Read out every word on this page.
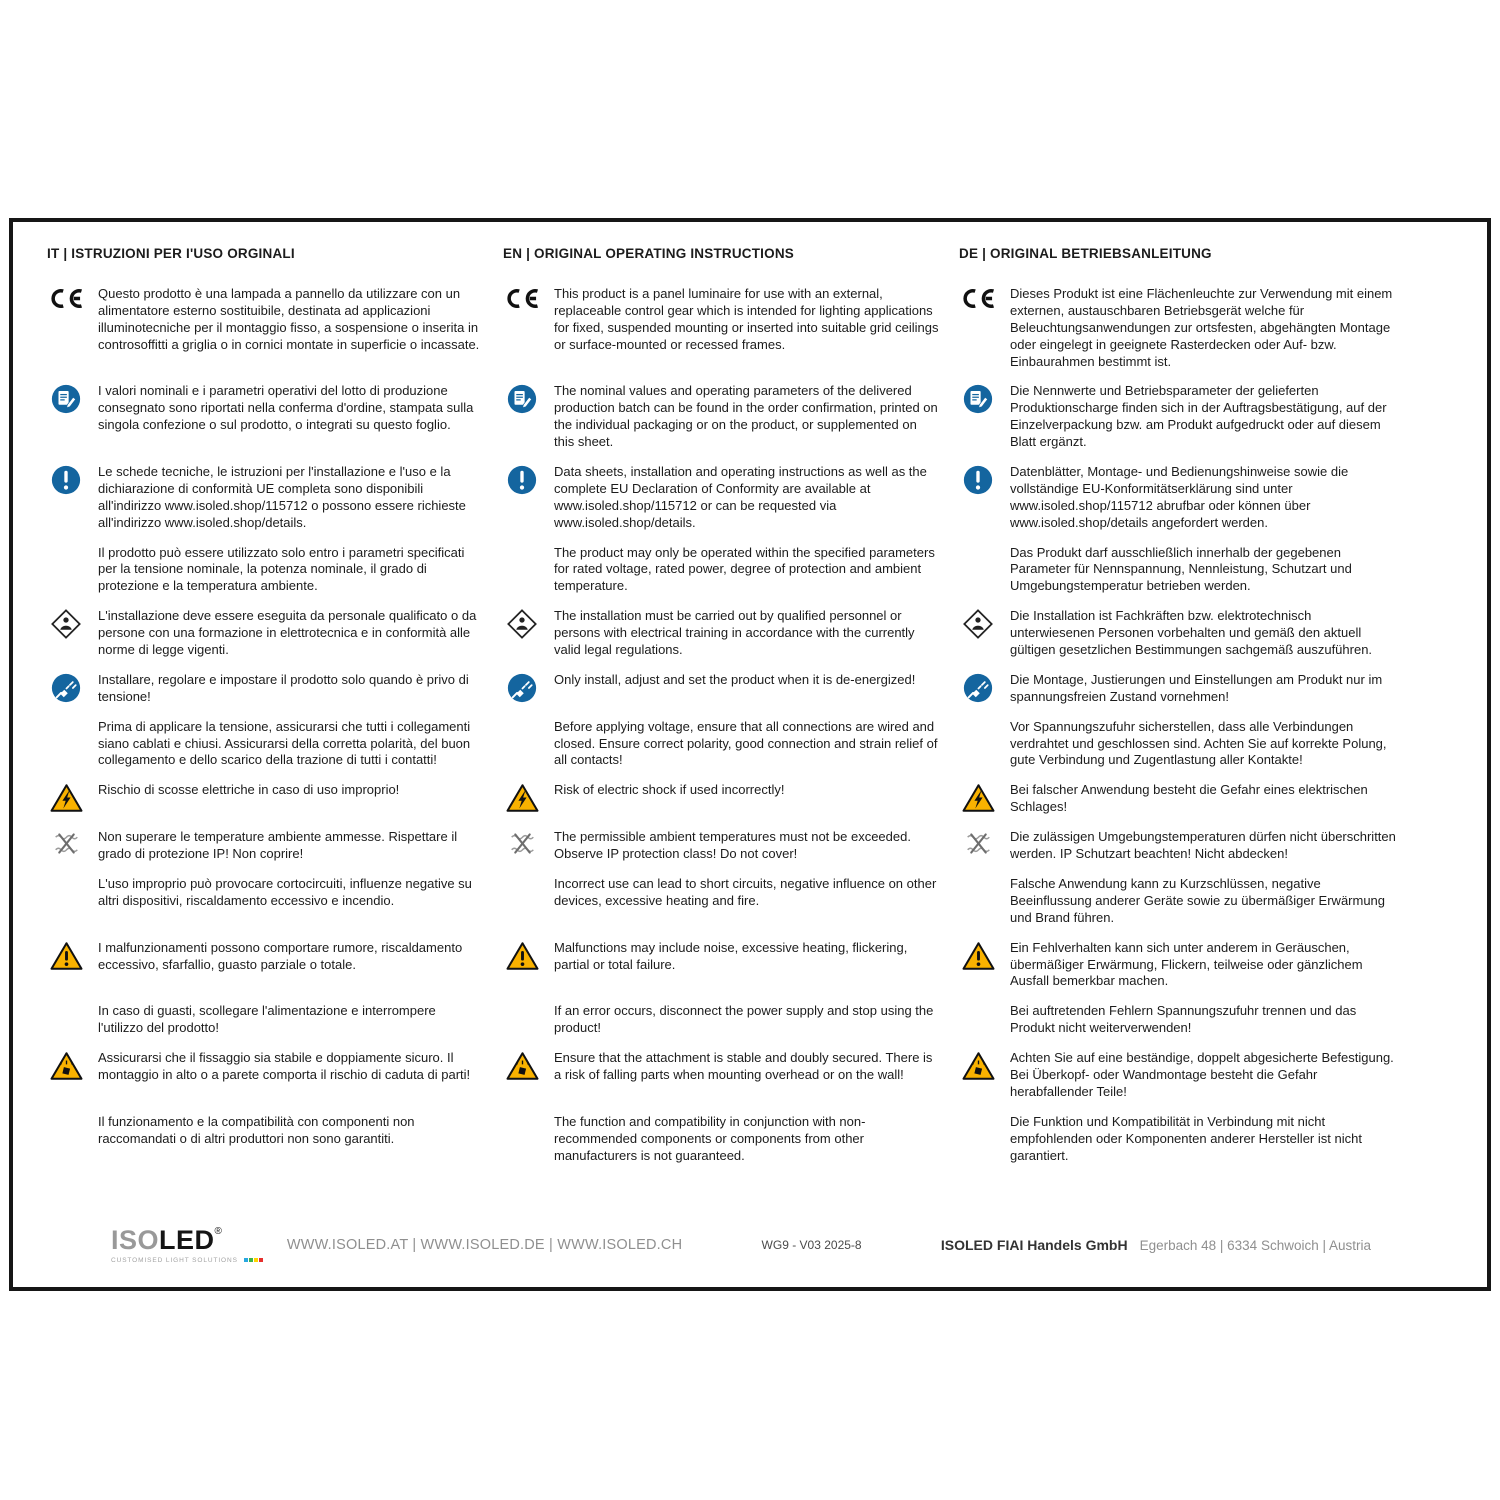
IT | ISTRUZIONI PER I'USO ORGINALI	EN | ORIGINAL OPERATING INSTRUCTIONS	DE | ORIGINAL BETRIEBSANLEITUNG
Questo prodotto è una lampada a pannello da utilizzare con un alimentatore esterno sostituibile, destinata ad applicazioni illuminotecniche per il montaggio fisso, a sospensione o inserita in controsoffitti a griglia o in cornici montate in superficie o incassate.
This product is a panel luminaire for use with an external, replaceable control gear which is intended for lighting applications for fixed, suspended mounting or inserted into suitable grid ceilings or surface-mounted or recessed frames.
Dieses Produkt ist eine Flächenleuchte zur Verwendung mit einem externen, austauschbaren Betriebsgerät welche für Beleuchtungsanwendungen zur ortsfesten, abgehängten Montage oder eingelegt in geeignete Rasterdecken oder Auf- bzw. Einbaurahmen bestimmt ist.
I valori nominali e i parametri operativi del lotto di produzione consegnato sono riportati nella conferma d'ordine, stampata sulla singola confezione o sul prodotto, o integrati su questo foglio.
The nominal values and operating parameters of the delivered production batch can be found in the order confirmation, printed on the individual packaging or on the product, or supplemented on this sheet.
Die Nennwerte und Betriebsparameter der gelieferten Produktionscharge finden sich in der Auftragsbestätigung, auf der Einzelverpackung bzw. am Produkt aufgedruckt oder auf diesem Blatt ergänzt.
Le schede tecniche, le istruzioni per l'installazione e l'uso e la dichiarazione di conformità UE completa sono disponibili all'indirizzo www.isoled.shop/115712 o possono essere richieste all'indirizzo www.isoled.shop/details.
Data sheets, installation and operating instructions as well as the complete EU Declaration of Conformity are available at www.isoled.shop/115712 or can be requested via www.isoled.shop/details.
Datenblätter, Montage- und Bedienungshinweise sowie die vollständige EU-Konformitätserklärung sind unter www.isoled.shop/115712 abrufbar oder können über www.isoled.shop/details angefordert werden.
Il prodotto può essere utilizzato solo entro i parametri specificati per la tensione nominale, la potenza nominale, il grado di protezione e la temperatura ambiente.
The product may only be operated within the specified parameters for rated voltage, rated power, degree of protection and ambient temperature.
Das Produkt darf ausschließlich innerhalb der gegebenen Parameter für Nennspannung, Nennleistung, Schutzart und Umgebungstemperatur betrieben werden.
L'installazione deve essere eseguita da personale qualificato o da persone con una formazione in elettrotecnica e in conformità alle norme di legge vigenti.
The installation must be carried out by qualified personnel or persons with electrical training in accordance with the currently valid legal regulations.
Die Installation ist Fachkräften bzw. elektrotechnisch unterwiesenen Personen vorbehalten und gemäß den aktuell gültigen gesetzlichen Bestimmungen sachgemäß auszuführen.
Installare, regolare e impostare il prodotto solo quando è privo di tensione!
Only install, adjust and set the product when it is de-energized!	Die Montage, Justierungen und Einstellungen am Produkt nur im spannungsfreien Zustand vornehmen!
Prima di applicare la tensione, assicurarsi che tutti i collegamenti siano cablati e chiusi. Assicurarsi della corretta polarità, del buon collegamento e dello scarico della trazione di tutti i contatti!
Before applying voltage, ensure that all connections are wired and closed. Ensure correct polarity, good connection and strain relief of all contacts!
Vor Spannungszufuhr sicherstellen, dass alle Verbindungen verdrahtet und geschlossen sind. Achten Sie auf korrekte Polung, gute Verbindung und Zugentlastung aller Kontakte!
Rischio di scosse elettriche in caso di uso improprio!	Risk of electric shock if used incorrectly!	Bei falscher Anwendung besteht die Gefahr eines elektrischen Schlages!
Non superare le temperature ambiente ammesse. Rispettare il grado di protezione IP! Non coprire!
The permissible ambient temperatures must not be exceeded. Observe IP protection class! Do not cover!
Die zulässigen Umgebungstemperaturen dürfen nicht überschritten werden. IP Schutzart beachten! Nicht abdecken!
L'uso improprio può provocare cortocircuiti, influenze negative su altri dispositivi, riscaldamento eccessivo e incendio.
Incorrect use can lead to short circuits, negative influence on other devices, excessive heating and fire.
Falsche Anwendung kann zu Kurzschlüssen, negative Beeinflussung anderer Geräte sowie zu übermäßiger Erwärmung und Brand führen.
I malfunzionamenti possono comportare rumore, riscaldamento eccessivo, sfarfallio, guasto parziale o totale.
Malfunctions may include noise, excessive heating, flickering, partial or total failure.
Ein Fehlverhalten kann sich unter anderem in Geräuschen, übermäßiger Erwärmung, Flickern, teilweise oder gänzlichem Ausfall bemerkbar machen.
In caso di guasti, scollegare l'alimentazione e interrompere l'utilizzo del prodotto!
If an error occurs, disconnect the power supply and stop using the product!
Bei auftretenden Fehlern Spannungszufuhr trennen und das Produkt nicht weiterverwenden!
Assicurarsi che il fissaggio sia stabile e doppiamente sicuro. Il montaggio in alto o a parete comporta il rischio di caduta di parti!
Ensure that the attachment is stable and doubly secured. There is a risk of falling parts when mounting overhead or on the wall!
Achten Sie auf eine beständige, doppelt abgesicherte Befestigung. Bei Überkopf- oder Wandmontage besteht die Gefahr herabfallender Teile!
Il funzionamento e la compatibilità con componenti non raccomandati o di altri produttori non sono garantiti.
The function and compatibility in conjunction with non-recommended components or components from other manufacturers is not guaranteed.
Die Funktion und Kompatibilität in Verbindung mit nicht empfohlenden oder Komponenten anderer Hersteller ist nicht garantiert.
ISOLED®
CUSTOMISED LIGHT SOLUTIONS
WWW.ISOLED.AT | WWW.ISOLED.DE | WWW.ISOLED.CH	WG9 - V03 2025-8	ISOLED FIAI Handels GmbH Egerbach 48 | 6334 Schwoich | Austria
